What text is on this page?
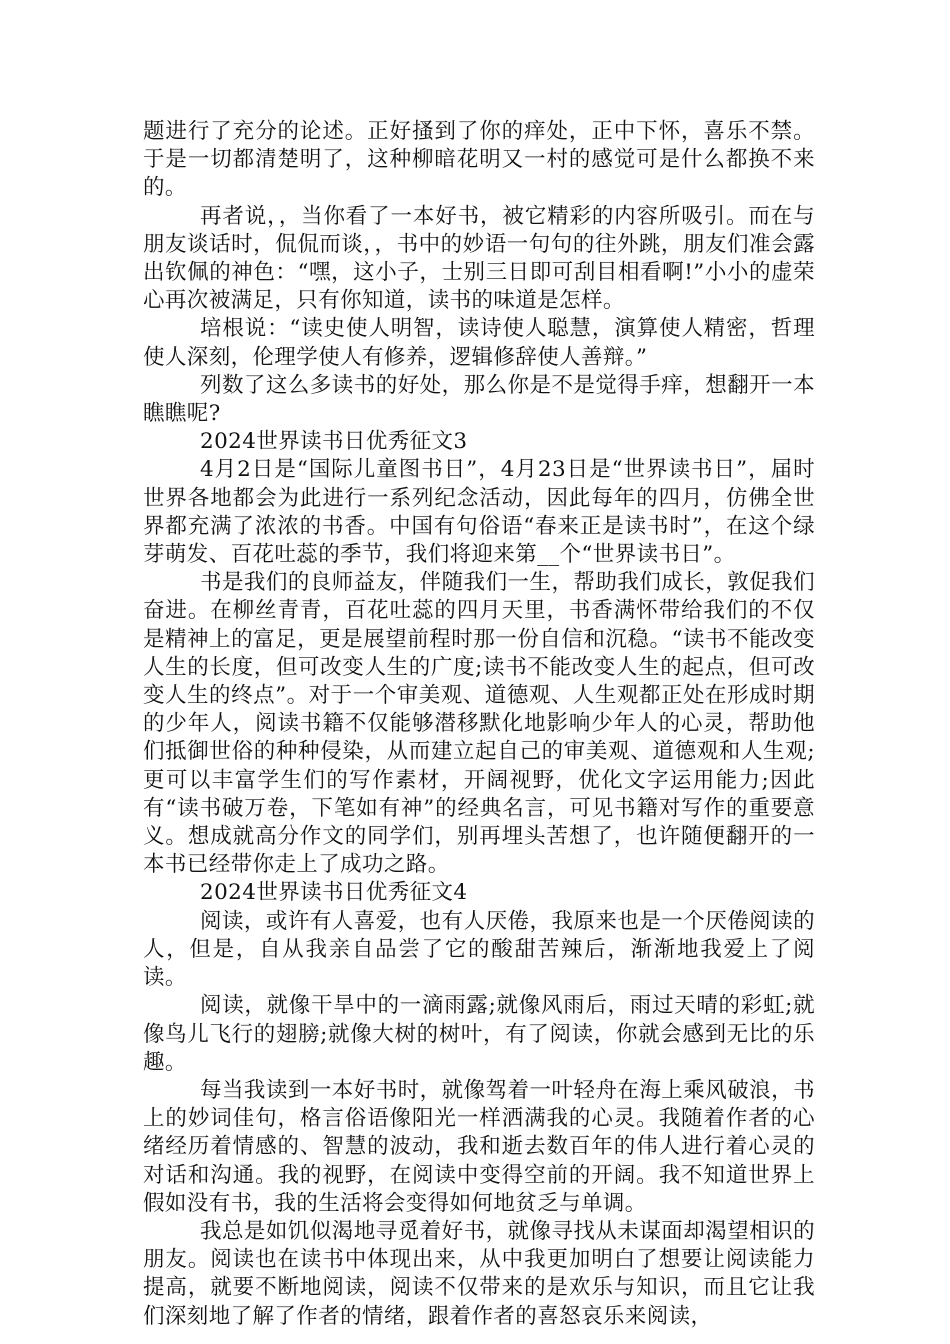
题进行了充分的论述。正好搔到了你的痒处，正中下怀，喜乐不禁。于是一切都清楚明了，这种柳暗花明又一村的感觉可是什么都换不来的。

再者说，，当你看了一本好书，被它精彩的内容所吸引。而在与朋友谈话时，侃侃而谈，，书中的妙语一句句的往外跳，朋友们准会露出钦佩的神色：“嘿，这小子，士别三日即可刮目相看啊!”小小的虚荣心再次被满足，只有你知道，读书的味道是怎样。

培根说：“读史使人明智，读诗使人聪慧，演算使人精密，哲理使人深刻，伦理学使人有修养，逻辑修辞使人善辩。”

列数了这么多读书的好处，那么你是不是觉得手痒，想翻开一本瞧瞧呢?

2024世界读书日优秀征文3

4月2日是“国际儿童图书日”，4月23日是“世界读书日”，届时世界各地都会为此进行一系列纪念活动，因此每年的四月，仿佛全世界都充满了浓浓的书香。中国有句俗语“春来正是读书时”，在这个绿芽萌发、百花吐蕊的季节，我们将迎来第__个“世界读书日”。

书是我们的良师益友，伴随我们一生，帮助我们成长，敦促我们奋进。在柳丝青青，百花吐蕊的四月天里，书香满怀带给我们的不仅是精神上的富足，更是展望前程时那一份自信和沉稳。“读书不能改变人生的长度，但可改变人生的广度;读书不能改变人生的起点，但可改变人生的终点”。对于一个审美观、道德观、人生观都正处在形成时期的少年人，阅读书籍不仅能够潜移默化地影响少年人的心灵，帮助他们抵御世俗的种种侵染，从而建立起自己的审美观、道德观和人生观;更可以丰富学生们的写作素材，开阔视野，优化文字运用能力;因此有“读书破万卷，下笔如有神”的经典名言，可见书籍对写作的重要意义。想成就高分作文的同学们，别再埋头苦想了，也许随便翻开的一本书已经带你走上了成功之路。

2024世界读书日优秀征文4

阅读，或许有人喜爱，也有人厌倦，我原来也是一个厌倦阅读的人，但是，自从我亲自品尝了它的酸甜苦辣后，渐渐地我爱上了阅读。

阅读，就像干旱中的一滴雨露;就像风雨后，雨过天晴的彩虹;就像鸟儿飞行的翅膀;就像大树的树叶，有了阅读，你就会感到无比的乐趣。

每当我读到一本好书时，就像驾着一叶轻舟在海上乘风破浪，书上的妙词佳句，格言俗语像阳光一样洒满我的心灵。我随着作者的心绪经历着情感的、智慧的波动，我和逝去数百年的伟人进行着心灵的对话和沟通。我的视野，在阅读中变得空前的开阔。我不知道世界上假如没有书，我的生活将会变得如何地贫乏与单调。

我总是如饥似渴地寻觅着好书，就像寻找从未谋面却渴望相识的朋友。阅读也在读书中体现出来，从中我更加明白了想要让阅读能力提高，就要不断地阅读，阅读不仅带来的是欢乐与知识，而且它让我们深刻地了解了作者的情绪，跟着作者的喜怒哀乐来阅读，
